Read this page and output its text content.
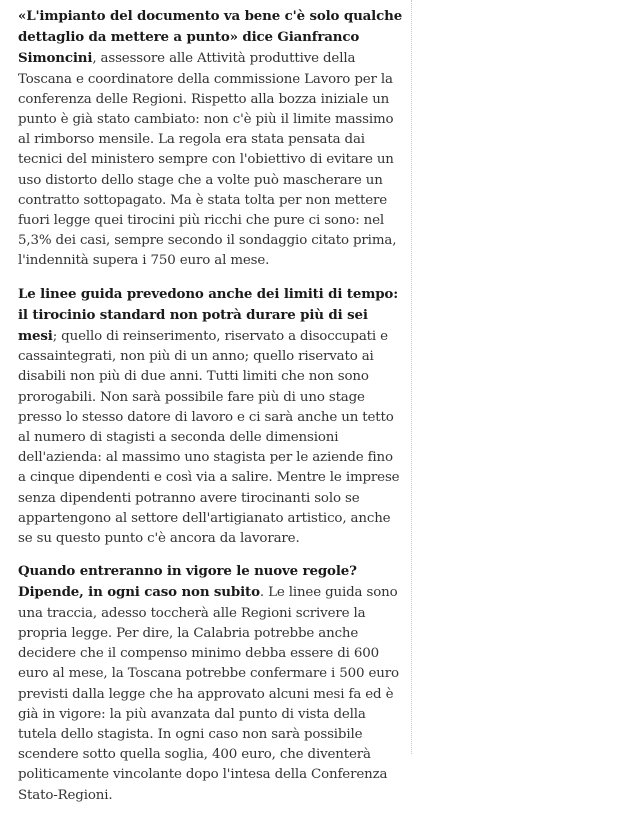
«L'impianto del documento va bene c'è solo qualche dettaglio da mettere a punto» dice Gianfranco Simoncini, assessore alle Attività produttive della Toscana e coordinatore della commissione Lavoro per la conferenza delle Regioni. Rispetto alla bozza iniziale un punto è già stato cambiato: non c'è più il limite massimo al rimborso mensile. La regola era stata pensata dai tecnici del ministero sempre con l'obiettivo di evitare un uso distorto dello stage che a volte può mascherare un contratto sottopagato. Ma è stata tolta per non mettere fuori legge quei tirocini più ricchi che pure ci sono: nel 5,3% dei casi, sempre secondo il sondaggio citato prima, l'indennità supera i 750 euro al mese.

Le linee guida prevedono anche dei limiti di tempo: il tirocinio standard non potrà durare più di sei mesi; quello di reinserimento, riservato a disoccupati e cassaintegrati, non più di un anno; quello riservato ai disabili non più di due anni. Tutti limiti che non sono prorogabili. Non sarà possibile fare più di uno stage presso lo stesso datore di lavoro e ci sarà anche un tetto al numero di stagisti a seconda delle dimensioni dell'azienda: al massimo uno stagista per le aziende fino a cinque dipendenti e così via a salire. Mentre le imprese senza dipendenti potranno avere tirocinanti solo se appartengono al settore dell'artigianato artistico, anche se su questo punto c'è ancora da lavorare.

Quando entreranno in vigore le nuove regole? Dipende, in ogni caso non subito. Le linee guida sono una traccia, adesso toccherà alle Regioni scrivere la propria legge. Per dire, la Calabria potrebbe anche decidere che il compenso minimo debba essere di 600 euro al mese, la Toscana potrebbe confermare i 500 euro previsti dalla legge che ha approvato alcuni mesi fa ed è già in vigore: la più avanzata dal punto di vista della tutela dello stagista. In ogni caso non sarà possibile scendere sotto quella soglia, 400 euro, che diventerà politicamente vincolante dopo l'intesa della Conferenza Stato-Regioni.
